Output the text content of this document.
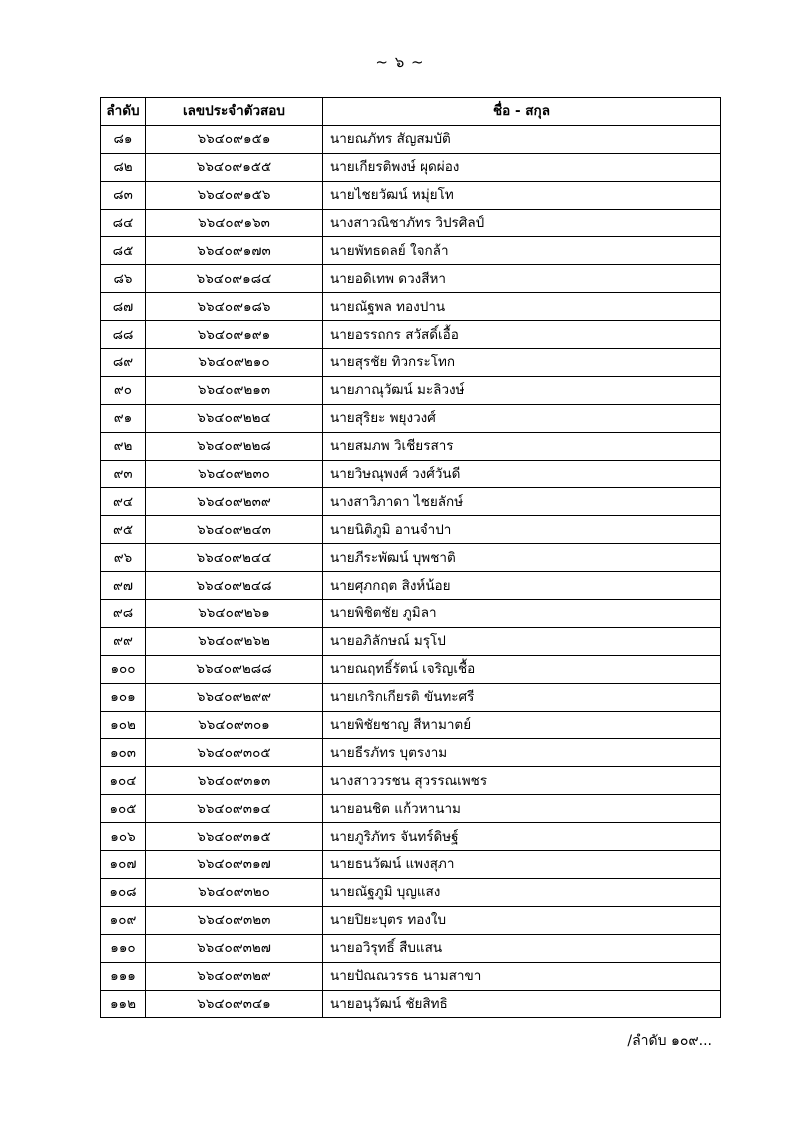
~ ๖ ~
ลำดับ	เลขประจำตัวสอบ	ชื่อ - สกุล
๘๑	๖๖๔๐๙๑๕๑	นายณภัทร สัญสมบัติ
๘๒	๖๖๔๐๙๑๕๕	นายเกียรติพงษ์ ผุดผ่อง
๘๓	๖๖๔๐๙๑๕๖	นายไชยวัฒน์ หมุ่ยโท
๘๔	๖๖๔๐๙๑๖๓	นางสาวณิชาภัทร วิปรศิลป์
๘๕	๖๖๔๐๙๑๗๓	นายพัทธดลย์ ใจกล้า
๘๖	๖๖๔๐๙๑๘๔	นายอดิเทพ ดวงสีหา
๘๗	๖๖๔๐๙๑๘๖	นายณัฐพล ทองปาน
๘๘	๖๖๔๐๙๑๙๑	นายอรรถกร สวัสดิ์เอื้อ
๘๙	๖๖๔๐๙๒๑๐	นายสุรชัย ทิวกระโทก
๙๐	๖๖๔๐๙๒๑๓	นายภาณุวัฒน์ มะลิวงษ์
๙๑	๖๖๔๐๙๒๒๔	นายสุริยะ พยุงวงศ์
๙๒	๖๖๔๐๙๒๒๘	นายสมภพ วิเชียรสาร
๙๓	๖๖๔๐๙๒๓๐	นายวิษณุพงศ์ วงศ์วันดี
๙๔	๖๖๔๐๙๒๓๙	นางสาวิภาดา ไชยลักษ์
๙๕	๖๖๔๐๙๒๔๓	นายนิติภูมิ อานจำปา
๙๖	๖๖๔๐๙๒๔๔	นายภีระพัฒน์ บุพชาติ
๙๗	๖๖๔๐๙๒๔๘	นายศุภกฤต สิงห์น้อย
๙๘	๖๖๔๐๙๒๖๑	นายพิชิตชัย ภูมิลา
๙๙	๖๖๔๐๙๒๖๒	นายอภิลักษณ์ มรุโป
๑๐๐	๖๖๔๐๙๒๘๘	นายณฤทธิ์รัตน์ เจริญเชื้อ
๑๐๑	๖๖๔๐๙๒๙๙	นายเกริกเกียรติ ขันทะศรี
๑๐๒	๖๖๔๐๙๓๐๑	นายพิชัยชาญ สีหามาตย์
๑๐๓	๖๖๔๐๙๓๐๕	นายธีรภัทร บุตรงาม
๑๐๔	๖๖๔๐๙๓๑๓	นางสาววรชน สุวรรณเพชร
๑๐๕	๖๖๔๐๙๓๑๔	นายอนชิต แก้วหานาม
๑๐๖	๖๖๔๐๙๓๑๕	นายภูริภัทร จันทร์ดิษฐ์
๑๐๗	๖๖๔๐๙๓๑๗	นายธนวัฒน์ แพงสุภา
๑๐๘	๖๖๔๐๙๓๒๐	นายณัฐภูมิ บุญแสง
๑๐๙	๖๖๔๐๙๓๒๓	นายปิยะบุตร ทองใบ
๑๑๐	๖๖๔๐๙๓๒๗	นายอวิรุทธิ์ สืบแสน
๑๑๑	๖๖๔๐๙๓๒๙	นายปัณณวรรธ นามสาขา
๑๑๒	๖๖๔๐๙๓๔๑	นายอนุวัฒน์ ชัยสิทธิ
/ลำดับ ๑๐๙...
